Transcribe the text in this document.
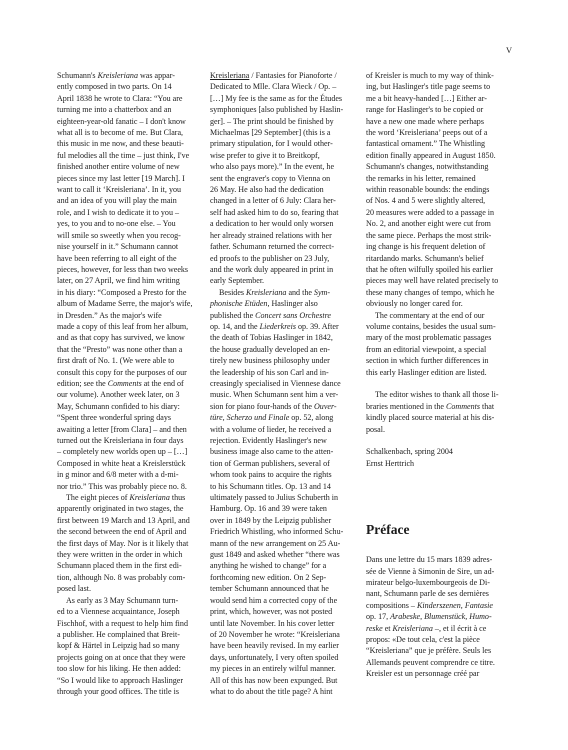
V

Schumann's Kreisleriana was appar-

ently composed in two parts. On 14

April 1838 he wrote to Clara: “You are

turning me into a chatterbox and an

eighteen-year-old fanatic – I don't know

what all is to become of me. But Clara,

this music in me now, and these beauti-

ful melodies all the time – just think, I've

finished another entire volume of new

pieces since my last letter [19 March]. I

want to call it ‘Kreisleriana’. In it, you

and an idea of you will play the main

role, and I wish to dedicate it to you –

yes, to you and to no-one else. – You

will smile so sweetly when you recog-

nise yourself in it.” Schumann cannot

have been referring to all eight of the

pieces, however, for less than two weeks

later, on 27 April, we find him writing

in his diary: “Composed a Presto for the

album of Madame Serre, the major's wife,

in Dresden.” As the major's wife

made a copy of this leaf from her album,

and as that copy has survived, we know

that the “Presto” was none other than a

first draft of No. 1. (We were able to

consult this copy for the purposes of our

edition; see the Comments at the end of

our volume). Another week later, on 3

May, Schumann confided to his diary:

“Spent three wonderful spring days

awaiting a letter [from Clara] – and then

turned out the Kreisleriana in four days

– completely new worlds open up – […]

Composed in white heat a Kreislerstück

in g minor and 6/8 meter with a d-mi-

nor trio.” This was probably piece no. 8.

The eight pieces of Kreisleriana thus

apparently originated in two stages, the

first between 19 March and 13 April, and

the second between the end of April and

the first days of May. Nor is it likely that

they were written in the order in which

Schumann placed them in the first edi-

tion, although No. 8 was probably com-

posed last.

As early as 3 May Schumann turn-

ed to a Viennese acquaintance, Joseph

Fischhof, with a request to help him find

a publisher. He complained that Breit-

kopf & Härtel in Leipzig had so many

projects going on at once that they were

too slow for his liking. He then added:

“So I would like to approach Haslinger

through your good offices. The title is

Kreisleriana / Fantasies for Pianoforte /

Dedicated to Mlle. Clara Wieck / Op. –

[…] My fee is the same as for the Études

symphoniques [also published by Haslin-

ger]. – The print should be finished by

Michaelmas [29 September] (this is a

primary stipulation, for I would other-

wise prefer to give it to Breitkopf,

who also pays more).” In the event, he

sent the engraver's copy to Vienna on

26 May. He also had the dedication

changed in a letter of 6 July: Clara her-

self had asked him to do so, fearing that

a dedication to her would only worsen

her already strained relations with her

father. Schumann returned the correct-

ed proofs to the publisher on 23 July,

and the work duly appeared in print in

early September.

Besides Kreisleriana and the Sym-

phonische Etüden, Haslinger also

published the Concert sans Orchestre

op. 14, and the Liederkreis op. 39. After

the death of Tobias Haslinger in 1842,

the house gradually developed an en-

tirely new business philosophy under

the leadership of his son Carl and in-

creasingly specialised in Viennese dance

music. When Schumann sent him a ver-

sion for piano four-hands of the Ouver-

türe, Scherzo und Finale op. 52, along

with a volume of lieder, he received a

rejection. Evidently Haslinger's new

business image also came to the atten-

tion of German publishers, several of

whom took pains to acquire the rights

to his Schumann titles. Op. 13 and 14

ultimately passed to Julius Schuberth in

Hamburg. Op. 16 and 39 were taken

over in 1849 by the Leipzig publisher

Friedrich Whistling, who informed Schu-

mann of the new arrangement on 25 Au-

gust 1849 and asked whether “there was

anything he wished to change” for a

forthcoming new edition. On 2 Sep-

tember Schumann announced that he

would send him a corrected copy of the

print, which, however, was not posted

until late November. In his cover letter

of 20 November he wrote: “Kreisleriana

have been heavily revised. In my earlier

days, unfortunately, I very often spoiled

my pieces in an entirely wilful manner.

All of this has now been expunged. But

what to do about the title page? A hint

of Kreisler is much to my way of think-

ing, but Haslinger's title page seems to

me a bit heavy-handed […] Either ar-

range for Haslinger's to be copied or

have a new one made where perhaps

the word ‘Kreisleriana’ peeps out of a

fantastical ornament.” The Whistling

edition finally appeared in August 1850.

Schumann's changes, notwithstanding

the remarks in his letter, remained

within reasonable bounds: the endings

of Nos. 4 and 5 were slightly altered,

20 measures were added to a passage in

No. 2, and another eight were cut from

the same piece. Perhaps the most strik-

ing change is his frequent deletion of

ritardando marks. Schumann's belief

that he often wilfully spoiled his earlier

pieces may well have related precisely to

these many changes of tempo, which he

obviously no longer cared for.

The commentary at the end of our

volume contains, besides the usual sum-

mary of the most problematic passages

from an editorial viewpoint, a special

section in which further differences in

this early Haslinger edition are listed.

The editor wishes to thank all those li-

braries mentioned in the Comments that

kindly placed source material at his dis-

posal.

Schalkenbach, spring 2004

Ernst Herttrich

Préface

Dans une lettre du 15 mars 1839 adres-

sée de Vienne à Simonin de Sire, un ad-

mirateur belgo-luxembourgeois de Di-

nant, Schumann parle de ses dernières

compositions – Kinderszenen, Fantasie

op. 17, Arabeske, Blumenstück, Humo-

reske et Kreisleriana –, et il écrit à ce

propos: «De tout cela, c'est la pièce

“Kreisleriana” que je préfère. Seuls les

Allemands peuvent comprendre ce titre.

Kreisler est un personnage créé par
